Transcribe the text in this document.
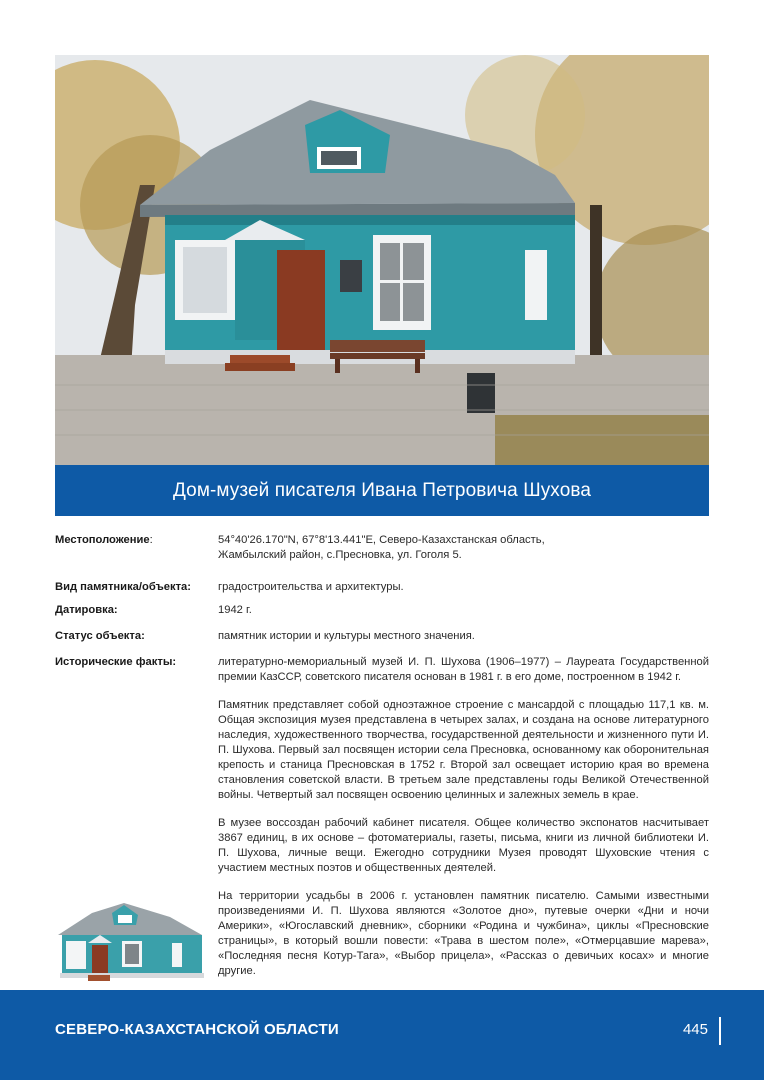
Дом-музей писателя Ивана Петровича Шухова
Местоположение:	54°40'26.170"N, 67°8'13.441"E, Северо-Казахстанская область,
Жамбылский район, с.Пресновка, ул. Гоголя 5.
Вид памятника/объекта:	градостроительства и архитектуры.
Датировка:	1942 г.
Статус объекта:	памятник истории и культуры местного значения.
Исторические факты:	литературно-мемориальный музей И. П. Шухова (1906–1977) – Лауреата Государственной премии КазССР, советского писателя основан в 1981 г. в его доме, построенном в 1942 г.

Памятник представляет собой одноэтажное строение с мансардой с площадью 117,1 кв. м. Общая экспозиция музея представлена в четырех залах, и создана на основе литературного наследия, художественного творчества, государственной деятельности и жизненного пути И. П. Шухова. Первый зал посвящен истории села Пресновка, основанному как оборонительная крепость и станица Пресновская в 1752 г. Второй зал освещает историю края во времена становления советской власти. В третьем зале представлены годы Великой Отечественной войны. Четвертый зал посвящен освоению целинных и залежных земель в крае.

В музее воссоздан рабочий кабинет писателя. Общее количество экспонатов насчитывает 3867 единиц, в их основе – фотоматериалы, газеты, письма, книги из личной библиотеки И. П. Шухова, личные вещи. Ежегодно сотрудники Музея проводят Шуховские чтения с участием местных поэтов и общественных деятелей.

На территории усадьбы в 2006 г. установлен памятник писателю. Самыми известными произведениями И. П. Шухова являются «Золотое дно», путевые очерки «Дни и ночи Америки», «Югославский дневник», сборники «Родина и чужбина», циклы «Пресновские страницы», в который вошли повести: «Трава в шестом поле», «Отмерцавшие марева», «Последняя песня Котур-Тага», «Выбор прицела», «Рассказ о девичьих косах» и многие другие.

СЕВЕРО-КАЗАХСТАНСКОЙ ОБЛАСТИ	445
